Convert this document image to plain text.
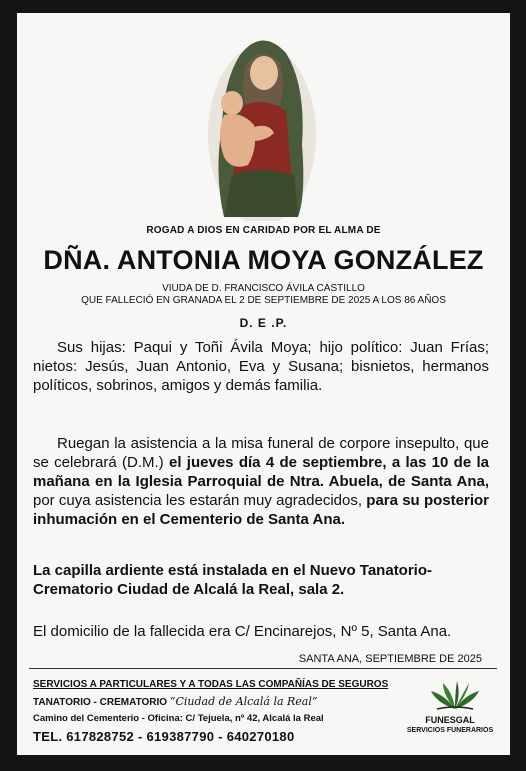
ROGAD A DIOS EN CARIDAD POR EL ALMA DE
DÑA. ANTONIA MOYA GONZÁLEZ
VIUDA DE D. FRANCISCO ÁVILA CASTILLO
QUE FALLECIÓ EN GRANADA EL 2 DE SEPTIEMBRE DE 2025 A LOS 86 AÑOS
D. E .P.

Sus hijas: Paqui y Toñi Ávila Moya; hijo político: Juan Frías; nietos: Jesús, Juan Antonio, Eva y Susana; bisnietos, hermanos políticos, sobrinos, amigos y demás familia.

Ruegan la asistencia a la misa funeral de corpore insepulto, que se celebrará (D.M.) el jueves día 4 de septiembre, a las 10 de la mañana en la Iglesia Parroquial de Ntra. Abuela, de Santa Ana, por cuya asistencia les estarán muy agradecidos, para su posterior inhumación en el Cementerio de Santa Ana.

La capilla ardiente está instalada en el Nuevo Tanatorio-Crematorio Ciudad de Alcalá la Real, sala 2.

El domicilio de la fallecida era C/ Encinarejos, Nº 5, Santa Ana.

SANTA ANA, SEPTIEMBRE DE 2025
SERVICIOS A PARTICULARES Y A TODAS LAS COMPAÑÍAS DE SEGUROS
TANATORIO - CREMATORIO “Ciudad de Alcalá la Real”
Camino del Cementerio - Oficina: C/ Tejuela, nº 42, Alcalá la Real
TEL. 617828752 - 619387790 - 640270180
FUNESGAL
SERVICIOS FUNERARIOS
